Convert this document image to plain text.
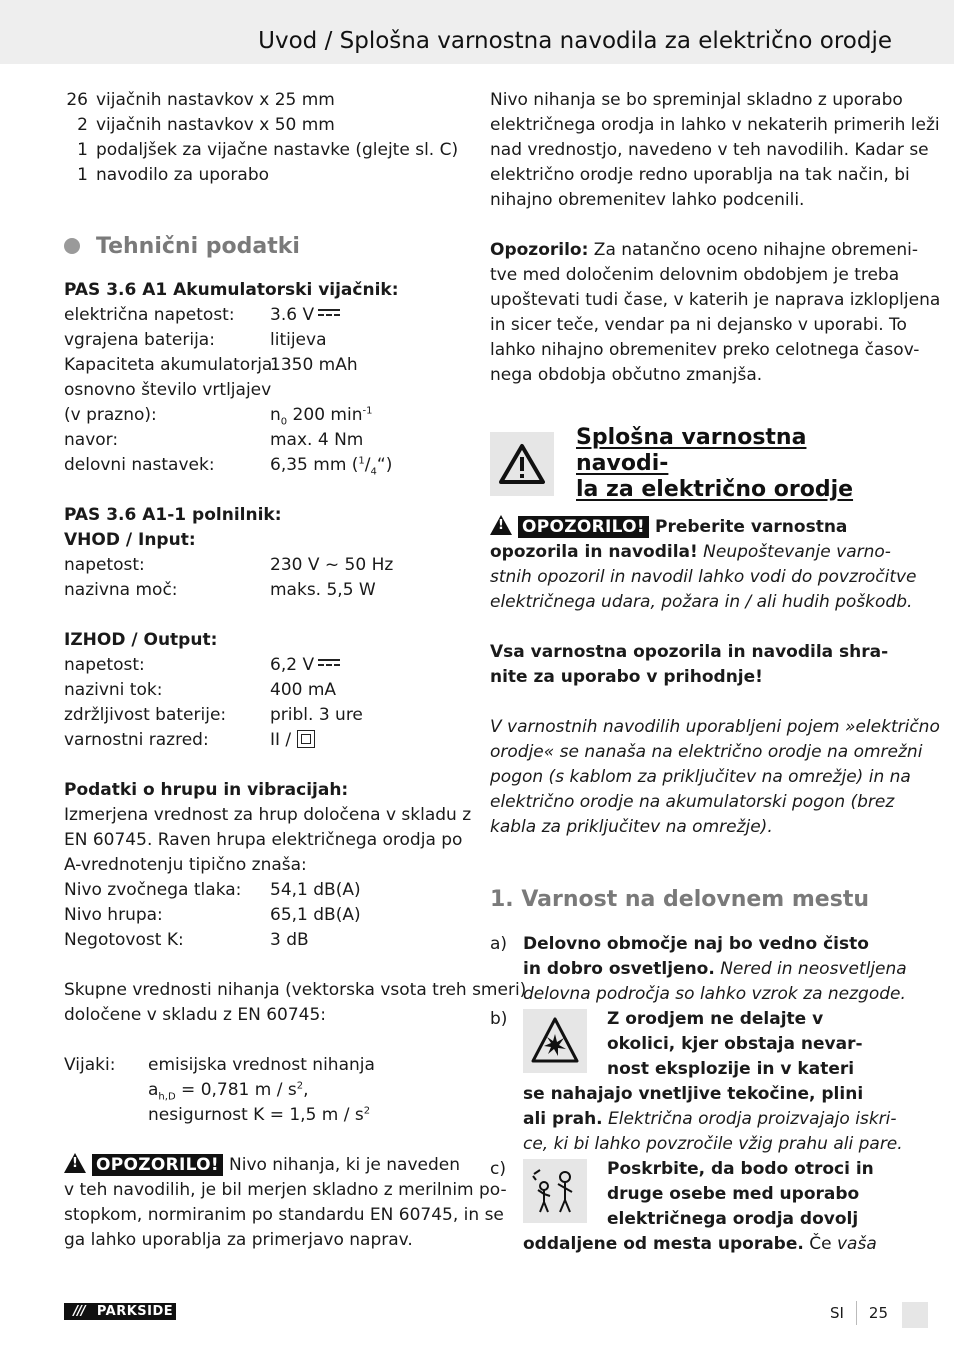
Uvod / Splošna varnostna navodila za električno orodje
26 vijačnih nastavkov x 25 mm
2 vijačnih nastavkov x 50 mm
1 podaljšek za vijačne nastavke (glejte sl. C)
1 navodilo za uporabo
Tehnični podatki
PAS 3.6 A1 Akumulatorski vijačnik:
električna napetost:	3.6 V
vgrajena baterija:	litijeva
Kapaciteta akumulatorja:
1350 mAh
osnovno število vrtljajev
(v prazno):	$n_0$ 200 $\min^{-1}$
navor:	max. 4 Nm
delovni nastavek:	6,35 mm $(^1/_4“)$
PAS 3.6 A1-1 polnilnik:
VHOD / Input:
napetost:	230 V ~ 50 Hz
nazivna moč:	maks. 5,5 W
IZHOD / Output:
napetost:	6,2 V
nazivni tok:	400 mA
zdržljivost baterije:	pribl. 3 ure
varnostni razred:	II /
Podatki o hrupu in vibracijah:
Izmerjena vrednost za hrup določena v skladu z
EN 60745. Raven hrupa električnega orodja po
A-vrednotenju tipično znaša:
Nivo zvočnega tlaka:	54,1 dB(A)
Nivo hrupa:	65,1 dB(A)
Negotovost K:	3 dB
Skupne vrednosti nihanja (vektorska vsota treh smeri)
določene v skladu z EN 60745:
Vijaki:	emisijska vrednost nihanja
$a_{h,D} = 0,781$ m / $s^2$,
nesigurnost K = 1,5 m / $s^2$
!OPOZORILO! Nivo nihanja, ki je naveden
v teh navodilih, je bil merjen skladno z merilnim po-
stopkom, normiranim po standardu EN 60745, in se
ga lahko uporablja za primerjavo naprav.
Nivo nihanja se bo spreminjal skladno z uporabo
električnega orodja in lahko v nekaterih primerih leži
nad vrednostjo, navedeno v teh navodilih. Kadar se
električno orodje redno uporablja na tak način, bi
nihajno obremenitev lahko podcenili.
Opozorilo: Za natančno oceno nihajne obremeni-
tve med določenim delovnim obdobjem je treba
upoštevati tudi čase, v katerih je naprava izklopljena
in sicer teče, vendar pa ni dejansko v uporabi. To
lahko nihajno obremenitev preko celotnega časov-
nega obdobja občutno zmanjša.
Splošna varnostna navodi-
la za električno orodje
!OPOZORILO! Preberite varnostna
opozorila in navodila! Neupoštevanje varno-
stnih opozoril in navodil lahko vodi do povzročitve
električnega udara, požara in / ali hudih poškodb.
Vsa varnostna opozorila in navodila shra-
nite za uporabo v prihodnje!
V varnostnih navodilih uporabljeni pojem »električno
orodje« se nanaša na električno orodje na omrežni
pogon (s kablom za priključitev na omrežje) in na
električno orodje na akumulatorski pogon (brez
kabla za priključitev na omrežje).
1. Varnost na delovnem mestu
a) Delovno območje naj bo vedno čisto
in dobro osvetljeno. Nered in neosvetljena
delovna področja so lahko vzrok za nezgode.
b)	Z orodjem ne delajte v
okolici, kjer obstaja nevar-
nost eksplozije in v kateri
se nahajajo vnetljive tekočine, plini
ali prah. Električna orodja proizvajajo iskri-
ce, ki bi lahko povzročile vžig prahu ali pare.
c)	Poskrbite, da bodo otroci in
druge osebe med uporabo
električnega orodja dovolj
oddaljene od mesta uporabe. Če vaša
/// PARKSIDE	SI 25
